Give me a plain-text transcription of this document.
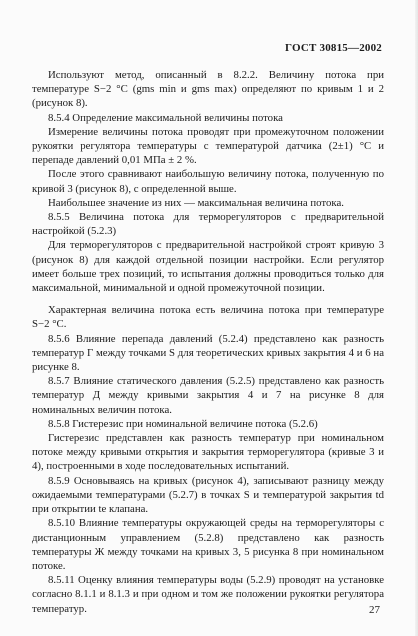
ГОСТ 30815—2002

Используют метод, описанный в 8.2.2. Величину потока при температуре S−2 °С (gms min и gms max) определяют по кривым 1 и 2 (рисунок 8).

8.5.4 Определение максимальной величины потока

Измерение величины потока проводят при промежуточном положении рукоятки регулятора температуры с температурой датчика (2±1) °С и перепаде давлений 0,01 МПа ± 2 %.

После этого сравнивают наибольшую величину потока, полученную по кривой 3 (рисунок 8), с определенной выше.

Наибольшее значение из них — максимальная величина потока.

8.5.5 Величина потока для терморегуляторов с предварительной настройкой (5.2.3)

Для терморегуляторов с предварительной настройкой строят кривую 3 (рисунок 8) для каждой отдельной позиции настройки. Если регулятор имеет больше трех позиций, то испытания должны проводиться только для максимальной, минимальной и одной промежуточной позиции.

Характерная величина потока есть величина потока при температуре S−2 °С.

8.5.6 Влияние перепада давлений (5.2.4) представлено как разность температур Г между точками S для теоретических кривых закрытия 4 и 6 на рисунке 8.

8.5.7 Влияние статического давления (5.2.5) представлено как разность температур Д между кривыми закрытия 4 и 7 на рисунке 8 для номинальных величин потока.

8.5.8 Гистерезис при номинальной величине потока (5.2.6)

Гистерезис представлен как разность температур при номинальном потоке между кривыми открытия и закрытия терморегулятора (кривые 3 и 4), построенными в ходе последовательных испытаний.

8.5.9 Основываясь на кривых (рисунок 4), записывают разницу между ожидаемыми температурами (5.2.7) в точках S и температурой закрытия td при открытии te клапана.

8.5.10 Влияние температуры окружающей среды на терморегуляторы с дистанционным управлением (5.2.8) представлено как разность температуры Ж между точками на кривых 3, 5 рисунка 8 при номинальном потоке.

8.5.11 Оценку влияния температуры воды (5.2.9) проводят на установке согласно 8.1.1 и 8.1.3 и при одном и том же положении рукоятки регулятора температур.	27
